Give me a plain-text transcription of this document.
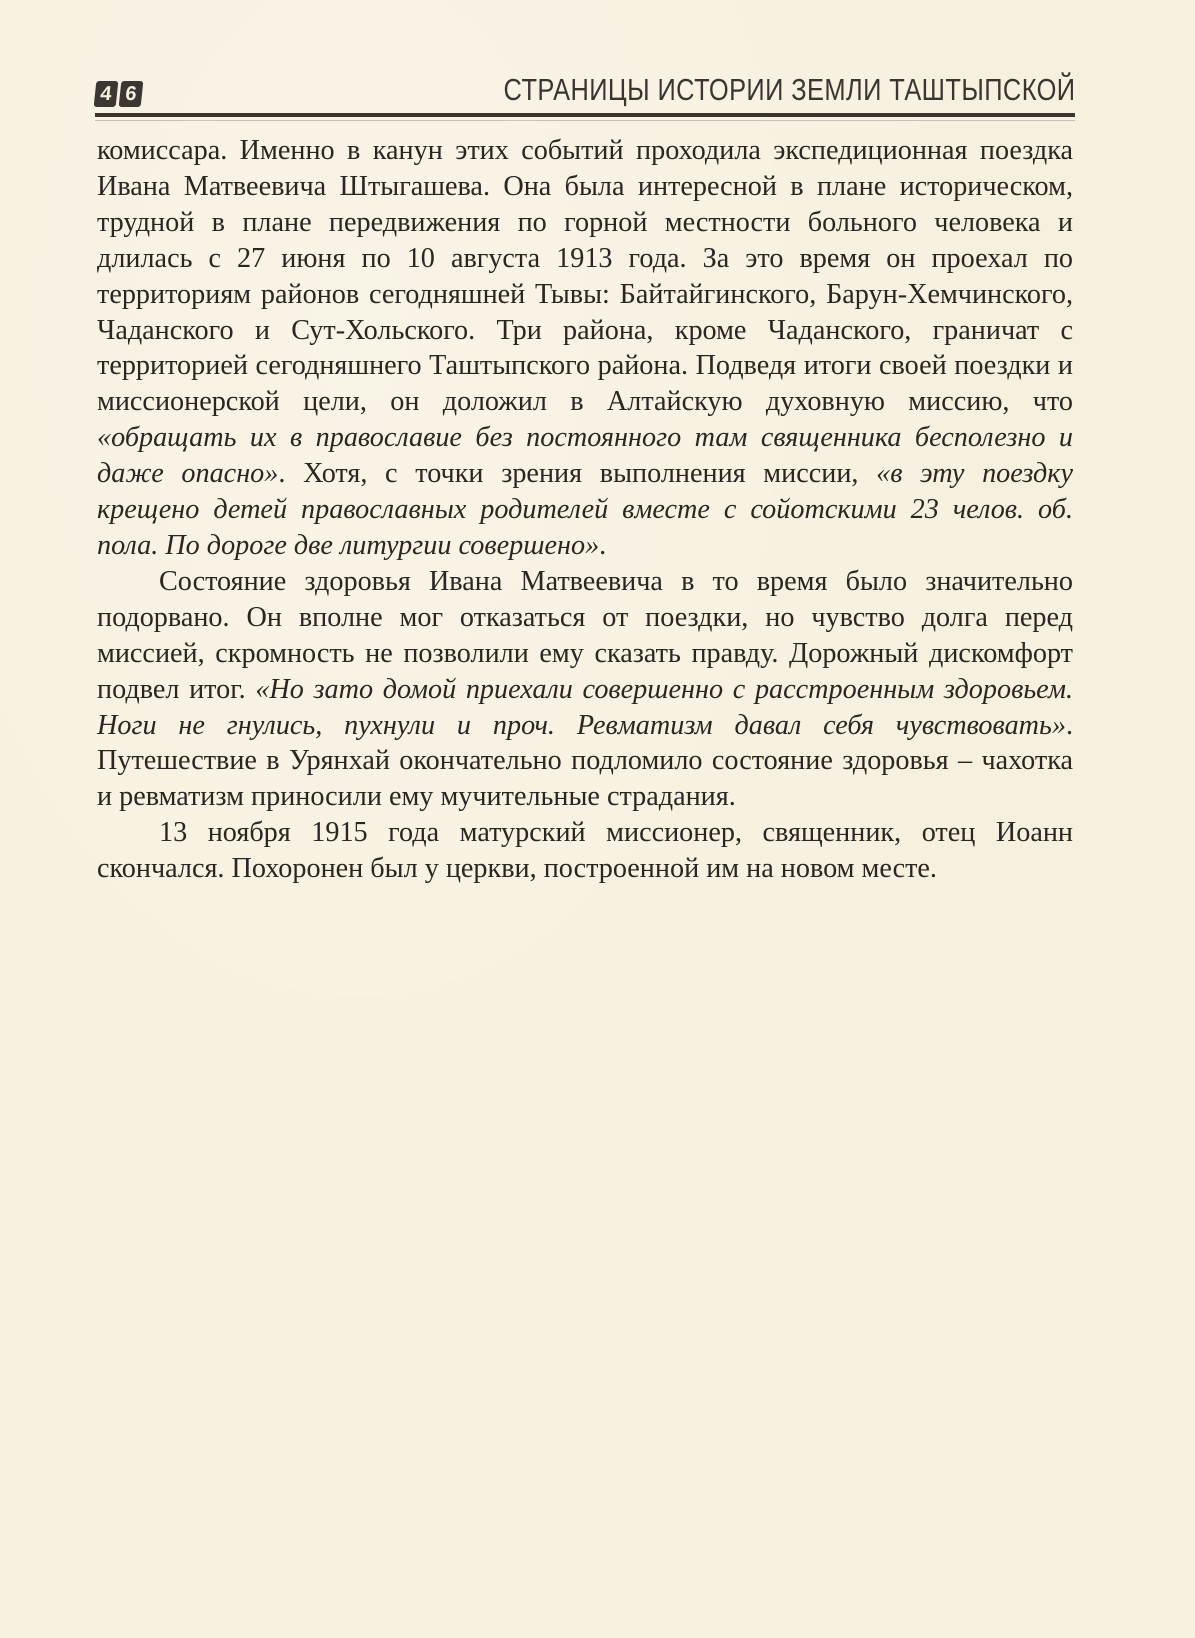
4 6	СТРАНИЦЫ ИСТОРИИ ЗЕМЛИ ТАШТЫПСКОЙ

комиссара. Именно в канун этих событий проходила экспедиционная поездка Ивана Матвеевича Штыгашева. Она была интересной в плане историческом, трудной в плане передвижения по горной местности больного человека и длилась с 27 июня по 10 августа 1913 года. За это время он проехал по территориям районов сегодняшней Тывы: Байтайгинского, Барун-Хемчинского, Чаданского и Сут-Хольского. Три района, кроме Чаданского, граничат с территорией сегодняшнего Таштыпского района. Подведя итоги своей поездки и миссионерской цели, он доложил в Алтайскую духовную миссию, что «обращать их в православие без постоянного там священника бесполезно и даже опасно». Хотя, с точки зрения выполнения миссии, «в эту поездку крещено детей православных родителей вместе с сойотскими 23 челов. об. пола. По дороге две литургии совершено».

Состояние здоровья Ивана Матвеевича в то время было значительно подорвано. Он вполне мог отказаться от поездки, но чувство долга перед миссией, скромность не позволили ему сказать правду. Дорожный дискомфорт подвел итог. «Но зато домой приехали совершенно с расстроенным здоровьем. Ноги не гнулись, пухнули и проч. Ревматизм давал себя чувствовать». Путешествие в Урянхай окончательно подломило состояние здоровья – чахотка и ревматизм приносили ему мучительные страдания.

13 ноября 1915 года матурский миссионер, священник, отец Иоанн скончался. Похоронен был у церкви, построенной им на новом месте.
